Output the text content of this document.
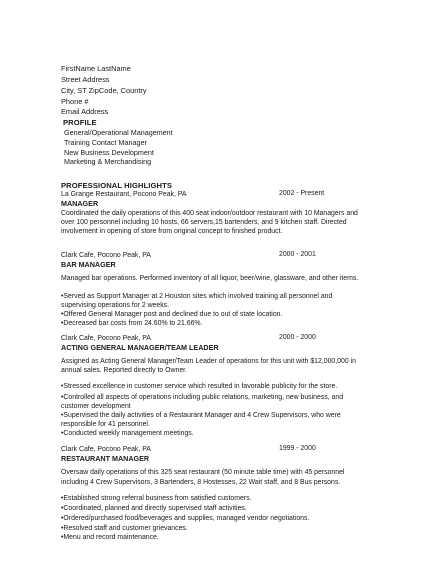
FirstName LastName
Street Address
City, ST ZipCode, Country
Phone #
Email Address
PROFILE
General/Operational Management
Training Contact Manager
New Business Development
Marketing & Merchandising
PROFESSIONAL HIGHLIGHTS
La Grange Restaurant, Pocono Peak, PA	2002 - Present
MANAGER
Coordinated the daily operations of this 400 seat indoor/outdoor restaurant with 10 Managers and
over 100 personnel including 10 hosts, 66 servers,15 bartenders, and 9 kitchen staff. Directed
involvement in opening of store from original concept to finished product.
Clark Cafe, Pocono Peak, PA	2000 - 2001
BAR MANAGER
Managed bar operations. Performed inventory of all liquor, beer/wine, glassware, and other items.
• Served as Support Manager at 2 Houston sites which involved training all personnel and
supervising operations for 2 weeks.
• Offered General Manager post and declined due to out of state location.
• Decreased bar costs from 24.60% to 21.66%.
Clark Cafe, Pocono Peak, PA	2000 - 2000
ACTING GENERAL MANAGER/TEAM LEADER
Assigned as Acting General Manager/Team Leader of operations for this unit with $12,000,000 in
annual sales. Reported directly to Owner.
• Stressed excellence in customer service which resulted in favorable publicity for the store.
• Controlled all aspects of operations including public relations, marketing, new business, and
customer development
• Supervised the daily activities of a Restaurant Manager and 4 Crew Supervisors, who were
responsible for 41 personnel.
• Conducted weekly management meetings.
Clark Cafe, Pocono Peak, PA	1999 - 2000
RESTAURANT MANAGER
Oversaw daily operations of this 325 seat restaurant (50 minute table time) with 45 personnel
including 4 Crew Supervisors, 3 Bartenders, 8 Hostesses, 22 Wait staff, and 8 Bus persons.
• Established strong referral business from satisfied customers.
• Coordinated, planned and directly supervised staff activities.
• Ordered/purchased food/beverages and supplies, managed vendor negotiations.
• Resolved staff and customer grievances.
• Menu and record maintenance.
